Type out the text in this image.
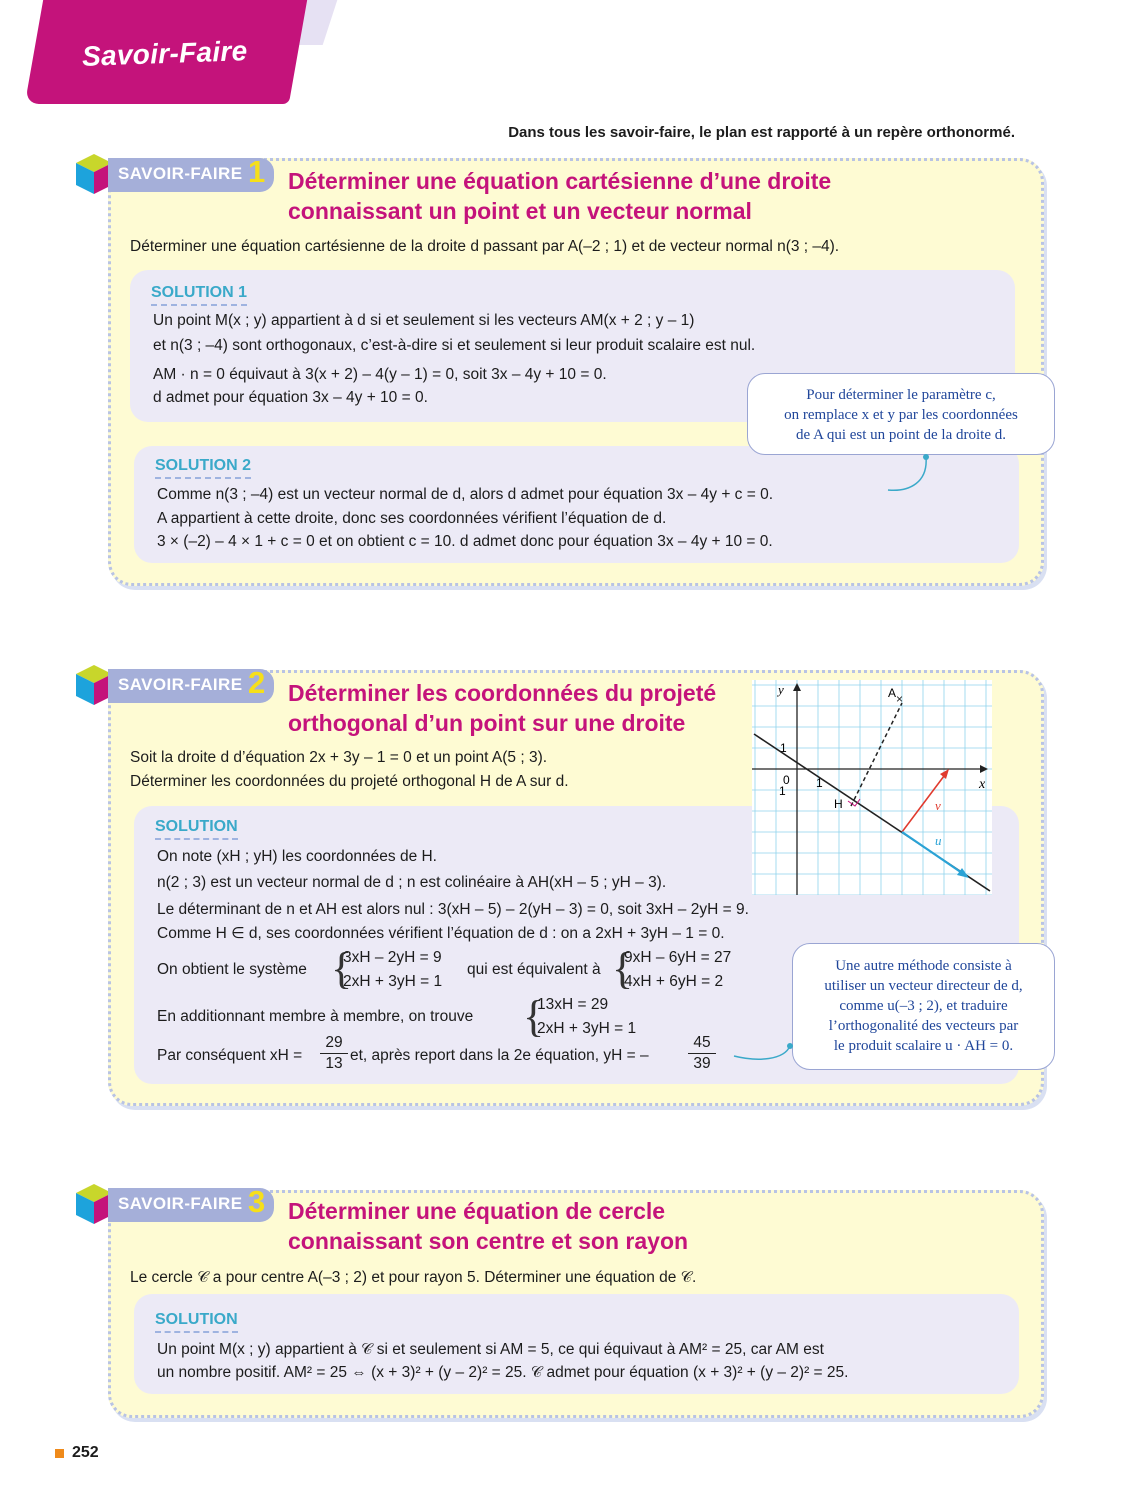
Savoir-Faire
Dans tous les savoir-faire, le plan est rapporté à un repère orthonormé.
SAVOIR-FAIRE 1 Déterminer une équation cartésienne d’une droite
connaissant un point et un vecteur normal
Déterminer une équation cartésienne de la droite d passant par A(–2 ; 1) et de vecteur normal n(3 ; –4).
SOLUTION 1
Un point M(x ; y) appartient à d si et seulement si les vecteurs AM(x + 2 ; y – 1)
et n(3 ; –4) sont orthogonaux, c’est-à-dire si et seulement si leur produit scalaire est nul.
AM · n = 0 équivaut à 3(x + 2) – 4(y – 1) = 0, soit 3x – 4y + 10 = 0.
d admet pour équation 3x – 4y + 10 = 0.
SOLUTION 2
Comme n(3 ; –4) est un vecteur normal de d, alors d admet pour équation 3x – 4y + c = 0.
A appartient à cette droite, donc ses coordonnées vérifient l’équation de d.
3 × (–2) – 4 × 1 + c = 0 et on obtient c = 10. d admet donc pour équation 3x – 4y + 10 = 0.
Pour déterminer le paramètre c,
on remplace x et y par les coordonnées
de A qui est un point de la droite d.
SAVOIR-FAIRE 2 Déterminer les coordonnées du projeté
orthogonal d’un point sur une droite
Soit la droite d d’équation 2x + 3y – 1 = 0 et un point A(5 ; 3).
Déterminer les coordonnées du projeté orthogonal H de A sur d.
×
y
x
A
H
0 1
1
1
v
u
SOLUTION
On note (xH ; yH) les coordonnées de H.
n(2 ; 3) est un vecteur normal de d ; n est colinéaire à AH(xH – 5 ; yH – 3).
Le déterminant de n et AH est alors nul : 3(xH – 5) – 2(yH – 3) = 0, soit 3xH – 2yH = 9.
Comme H ∈ d, ses coordonnées vérifient l’équation de d : on a 2xH + 3yH – 1 = 0.
On obtient le système {
3xH – 2yH = 9
2xH + 3yH = 1
qui est équivalent à {
9xH – 6yH = 27
4xH + 6yH = 2
En additionnant membre à membre, on trouve {
13xH = 29
2xH + 3yH = 1
Par conséquent xH = $\frac{29}{13}$ et, après report dans la 2e équation, yH = –	$\frac{45}{39}$
Une autre méthode consiste à
utiliser un vecteur directeur de d,
comme u(–3 ; 2), et traduire
l’orthogonalité des vecteurs par
le produit scalaire u · AH = 0.
SAVOIR-FAIRE 3 Déterminer une équation de cercle
connaissant son centre et son rayon
Le cercle 𝒞 a pour centre A(–3 ; 2) et pour rayon 5. Déterminer une équation de 𝒞.
SOLUTION
Un point M(x ; y) appartient à 𝒞 si et seulement si AM = 5, ce qui équivaut à AM² = 25, car AM est
un nombre positif. AM² = 25 ⇔ (x + 3)² + (y – 2)² = 25. 𝒞 admet pour équation (x + 3)² + (y – 2)² = 25.
252
